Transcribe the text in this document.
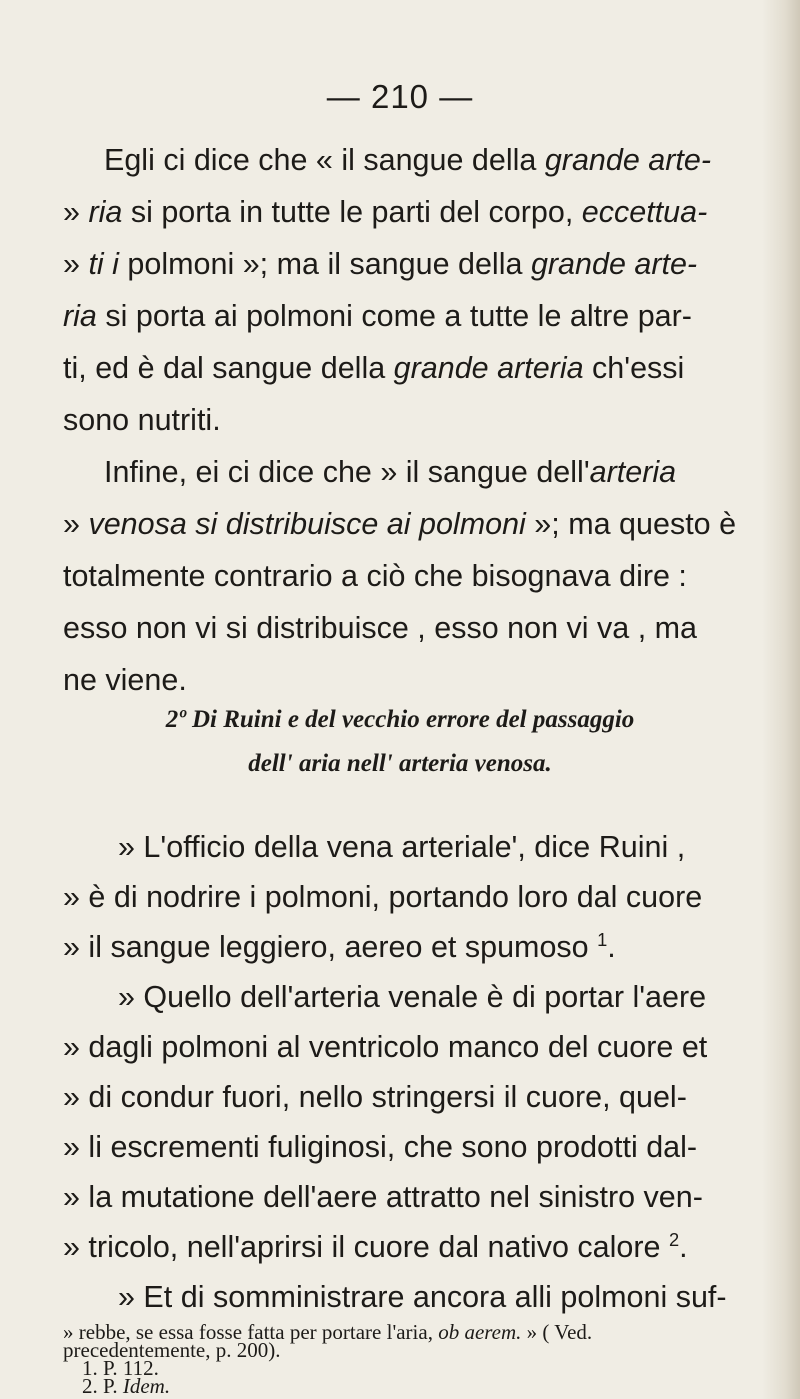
— 210 —
Egli ci dice che « il sangue della grande arte-
» ria si porta in tutte le parti del corpo, eccettua-
» ti i polmoni »; ma il sangue della grande arte-
ria si porta ai polmoni come a tutte le altre par-
ti, ed è dal sangue della grande arteria ch'essi
sono nutriti.
Infine, ei ci dice che » il sangue dell'arteria
» venosa si distribuisce ai polmoni »; ma questo è
totalmente contrario a ciò che bisognava dire :
esso non vi si distribuisce , esso non vi va , ma
ne viene.
2º Di Ruini e del vecchio errore del passaggio
dell' aria nell' arteria venosa.
» L'officio della vena arteriale', dice Ruini ,
» è di nodrire i polmoni, portando loro dal cuore
» il sangue leggiero, aereo et spumoso $^1$.
» Quello dell'arteria venale è di portar l'aere
» dagli polmoni al ventricolo manco del cuore et
» di condur fuori, nello stringersi il cuore, quel-
» li escrementi fuliginosi, che sono prodotti dal-
» la mutatione dell'aere attratto nel sinistro ven-
» tricolo, nell'aprirsi il cuore dal nativo calore $^2$.
» Et di somministrare ancora alli polmoni suf-
» rebbe, se essa fosse fatta per portare l'aria, ob aerem. » ( Ved.
precedentemente, p. 200).
1. P. 112.
2. P. Idem.
